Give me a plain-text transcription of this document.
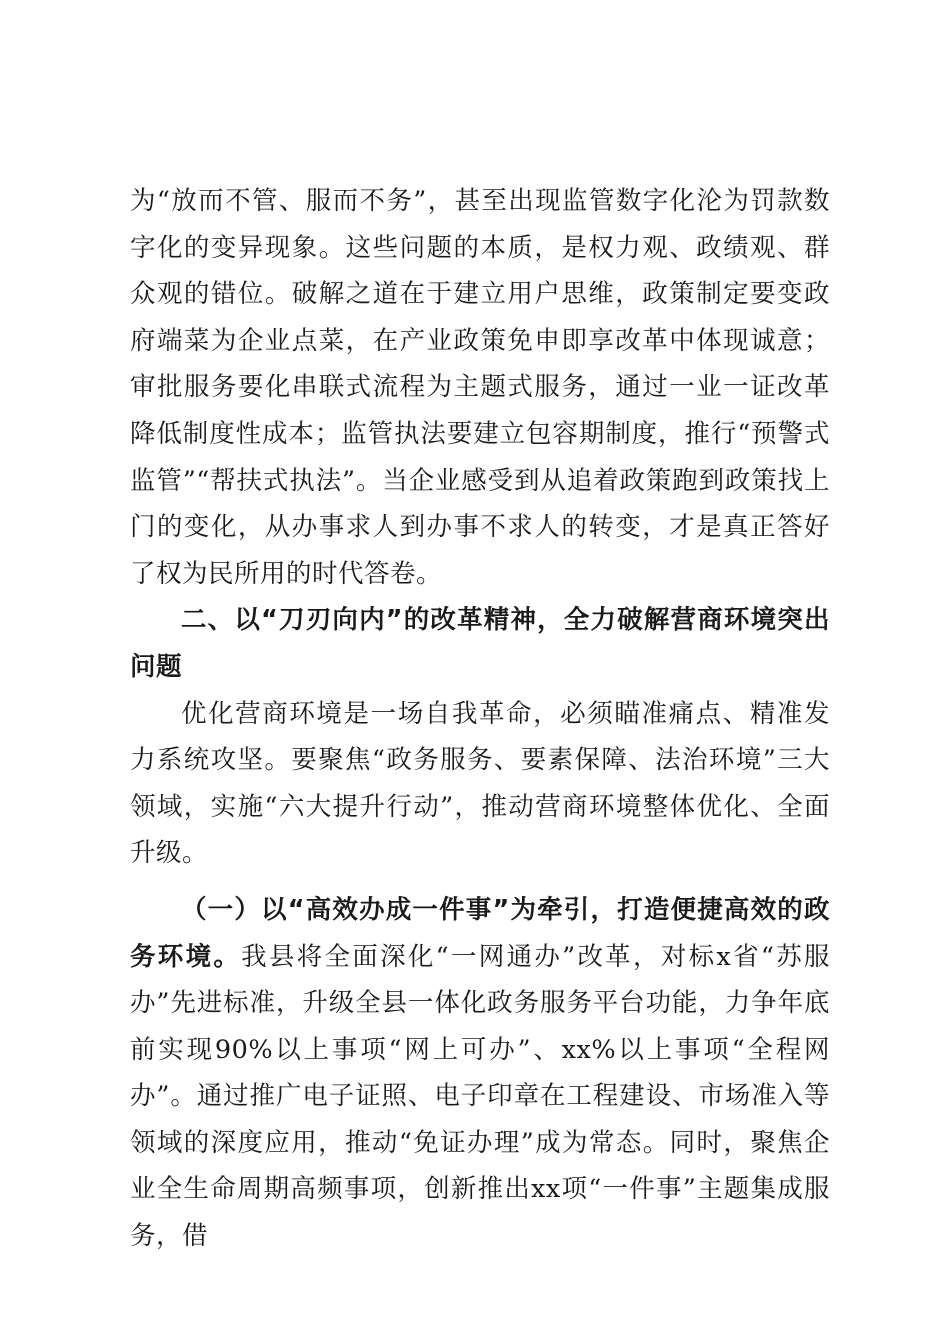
为“放而不管、服而不务”，甚至出现监管数字化沦为罚款数字化的变异现象。这些问题的本质，是权力观、政绩观、群众观的错位。破解之道在于建立用户思维，政策制定要变政府端菜为企业点菜，在产业政策免申即享改革中体现诚意；审批服务要化串联式流程为主题式服务，通过一业一证改革降低制度性成本；监管执法要建立包容期制度，推行“预警式监管”“帮扶式执法”。当企业感受到从追着政策跑到政策找上门的变化，从办事求人到办事不求人的转变，才是真正答好了权为民所用的时代答卷。

二、以“刀刃向内”的改革精神，全力破解营商环境突出问题

优化营商环境是一场自我革命，必须瞄准痛点、精准发力系统攻坚。要聚焦“政务服务、要素保障、法治环境”三大领域，实施“六大提升行动”，推动营商环境整体优化、全面升级。

（一）以“高效办成一件事”为牵引，打造便捷高效的政务环境。我县将全面深化“一网通办”改革，对标x省“苏服办”先进标准，升级全县一体化政务服务平台功能，力争年底前实现90%以上事项“网上可办”、xx%以上事项“全程网办”。通过推广电子证照、电子印章在工程建设、市场准入等领域的深度应用，推动“免证办理”成为常态。同时，聚焦企业全生命周期高频事项，创新推出xx项“一件事”主题集成服务，借
